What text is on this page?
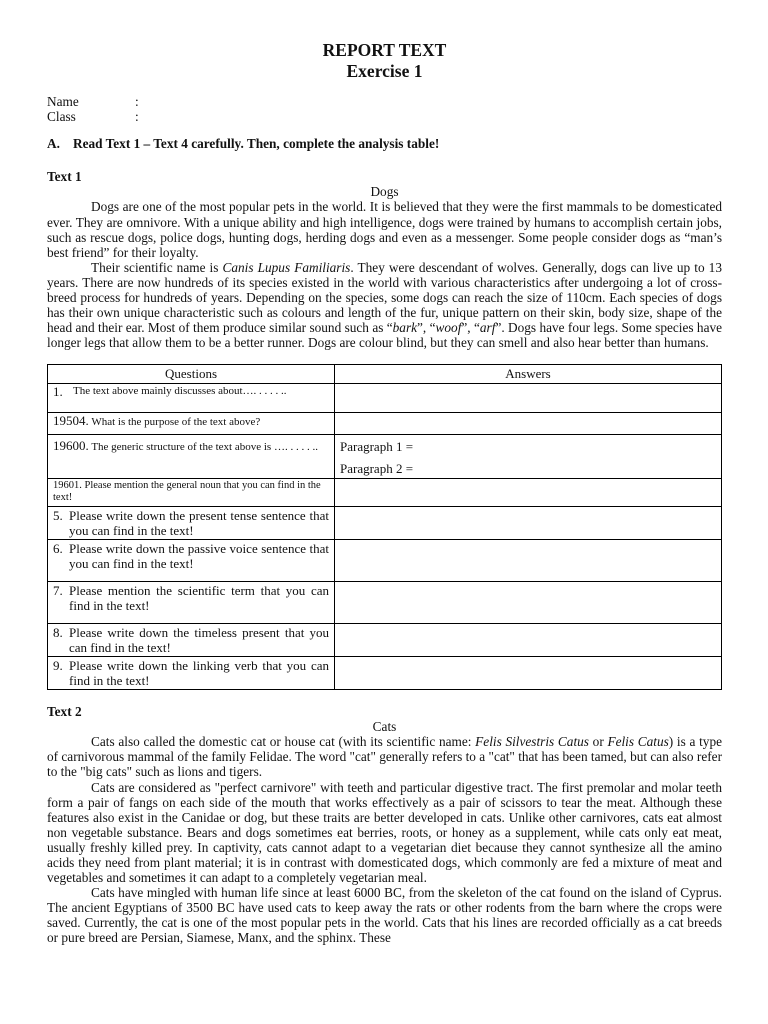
REPORT TEXT
Exercise 1
Name	:
Class	:
A. Read Text 1 – Text 4 carefully. Then, complete the analysis table!
Text 1
Dogs

Dogs are one of the most popular pets in the world. It is believed that they were the first mammals to be domesticated ever. They are omnivore. With a unique ability and high intelligence, dogs were trained by humans to accomplish certain jobs, such as rescue dogs, police dogs, hunting dogs, herding dogs and even as a messenger. Some people consider dogs as “man’s best friend” for their loyalty.

Their scientific name is Canis Lupus Familiaris. They were descendant of wolves. Generally, dogs can live up to 13 years. There are now hundreds of its species existed in the world with various characteristics after undergoing a lot of cross-breed process for hundreds of years. Depending on the species, some dogs can reach the size of 110cm. Each species of dogs has their own unique characteristic such as colours and length of the fur, unique pattern on their skin, body size, shape of the head and their ear. Most of them produce similar sound such as “bark”, “woof”, “arf”. Dogs have four legs. Some species have longer legs that allow them to be a better runner. Dogs are colour blind, but they can smell and also hear better than humans.

Questions	Answers

1. The text above mainly discusses about…. . . . . ..	

19504. What is the purpose of the text above?	
19600. The generic structure of the text above is …. . . . . ..	Paragraph 1 =
Paragraph 2 =

19601. Please mention the general noun that you can find in the text!	

5. Please write down the present tense sentence that you can find in the text!	

6. Please write down the passive voice sentence that you can find in the text!	

7. Please mention the scientific term that you can find in the text!	

8. Please write down the timeless present that you can find in the text!	

9. Please write down the linking verb that you can find in the text!	

Text 2
Cats

Cats also called the domestic cat or house cat (with its scientific name: Felis Silvestris Catus or Felis Catus) is a type of carnivorous mammal of the family Felidae. The word "cat" generally refers to a "cat" that has been tamed, but can also refer to the "big cats" such as lions and tigers.

Cats are considered as "perfect carnivore" with teeth and particular digestive tract. The first premolar and molar teeth form a pair of fangs on each side of the mouth that works effectively as a pair of scissors to tear the meat. Although these features also exist in the Canidae or dog, but these traits are better developed in cats. Unlike other carnivores, cats eat almost non vegetable substance. Bears and dogs sometimes eat berries, roots, or honey as a supplement, while cats only eat meat, usually freshly killed prey. In captivity, cats cannot adapt to a vegetarian diet because they cannot synthesize all the amino acids they need from plant material; it is in contrast with domesticated dogs, which commonly are fed a mixture of meat and vegetables and sometimes it can adapt to a completely vegetarian meal.

Cats have mingled with human life since at least 6000 BC, from the skeleton of the cat found on the island of Cyprus. The ancient Egyptians of 3500 BC have used cats to keep away the rats or other rodents from the barn where the crops were saved. Currently, the cat is one of the most popular pets in the world. Cats that his lines are recorded officially as a cat breeds or pure breed are Persian, Siamese, Manx, and the sphinx. These
